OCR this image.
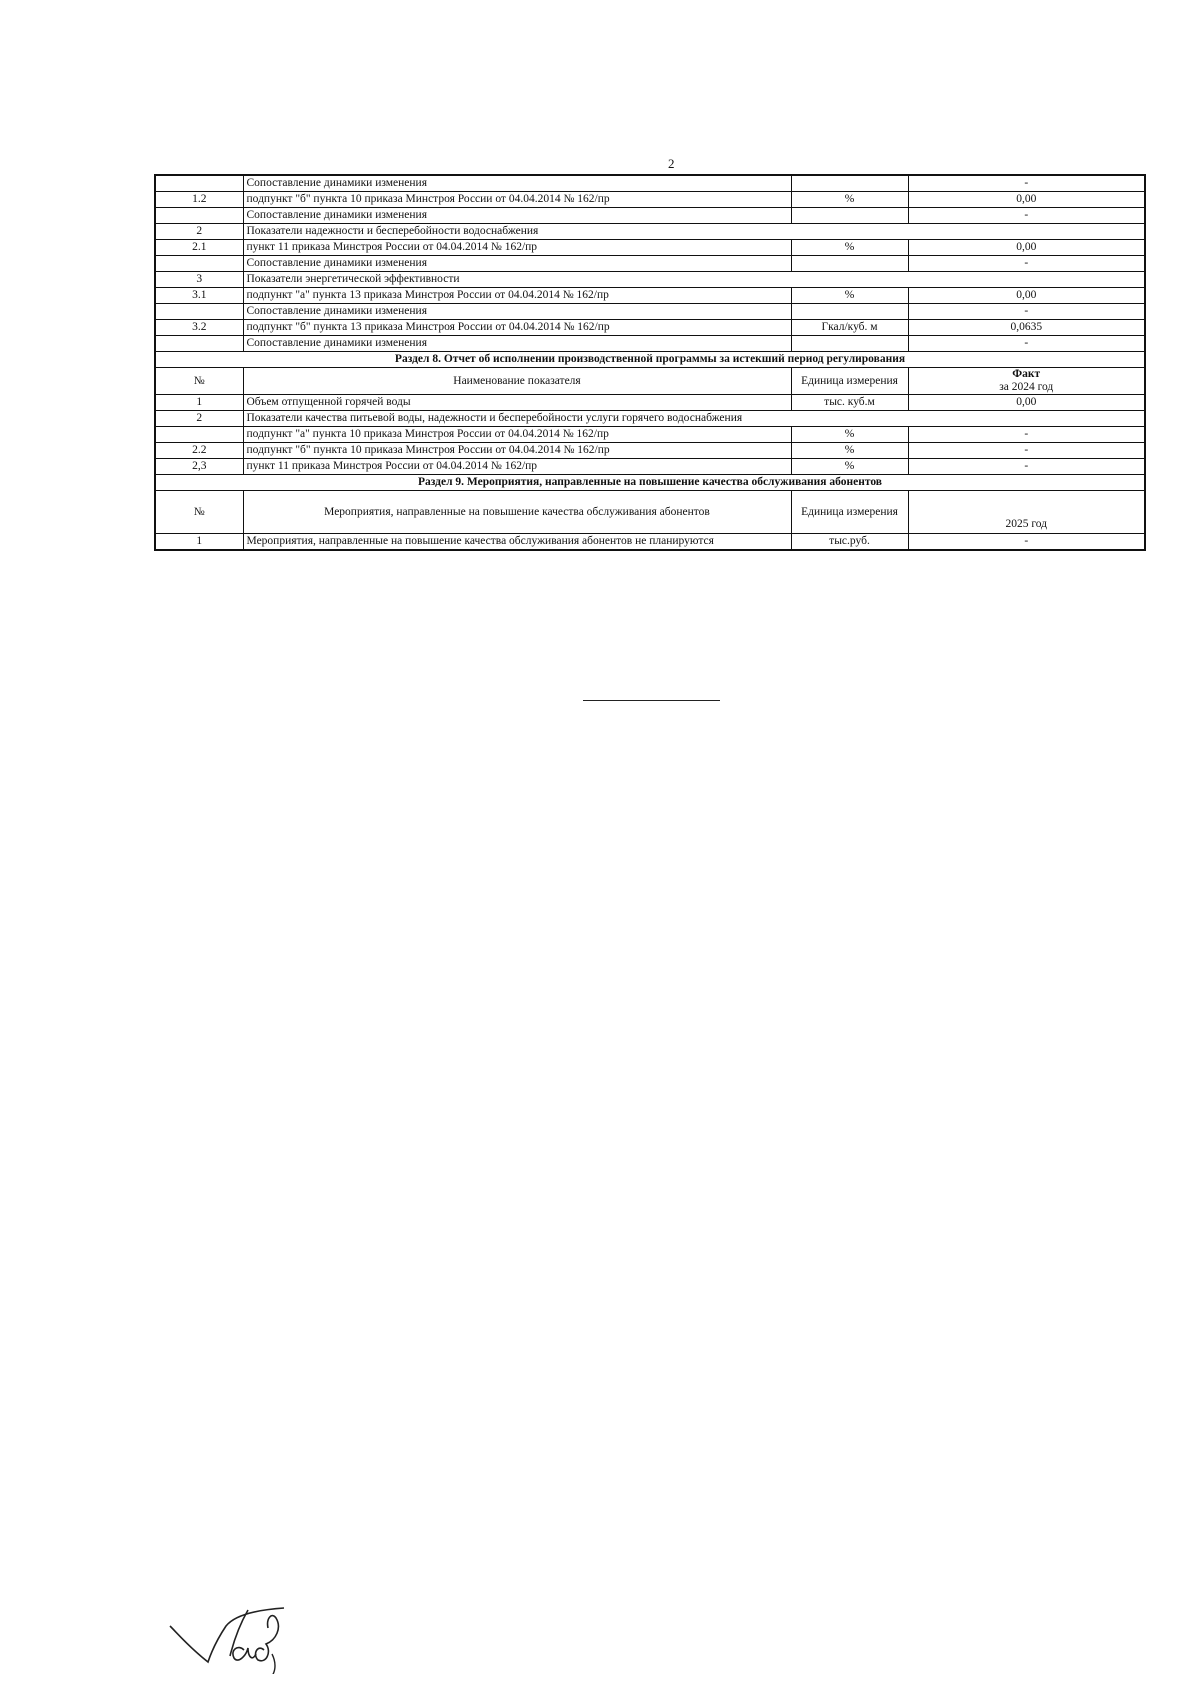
2
	Сопоставление динамики изменения		-
1.2	подпункт "б" пункта 10 приказа Минстроя России от 04.04.2014 № 162/пр	%	0,00
	Сопоставление динамики изменения		-
2	Показатели надежности и бесперебойности водоснабжения		
2.1	пункт 11 приказа Минстроя России от 04.04.2014 № 162/пр	%	0,00
	Сопоставление динамики изменения		-
3	Показатели энергетической эффективности		
3.1	подпункт "а" пункта 13 приказа Минстроя России от 04.04.2014 № 162/пр	%	0,00
	Сопоставление динамики изменения		-
3.2	подпункт "б" пункта 13 приказа Минстроя России от 04.04.2014 № 162/пр	Гкал/куб. м	0,0635
	Сопоставление динамики изменения		-
Раздел 8. Отчет об исполнении производственной программы за истекший период регулирования			
№	Наименование показателя	Единица измерения	Факт
за 2024 год
1	Объем отпущенной горячей воды	тыс. куб.м	0,00
2	Показатели качества питьевой воды, надежности и бесперебойности услуги горячего водоснабжения		
	подпункт "а" пункта 10 приказа Минстроя России от 04.04.2014 № 162/пр	%	-
2.2	подпункт "б" пункта 10 приказа Минстроя России от 04.04.2014 № 162/пр	%	-
2,3	пункт 11 приказа Минстроя России от 04.04.2014 № 162/пр	%	-
Раздел 9. Мероприятия, направленные на повышение качества обслуживания абонентов			
№	Мероприятия, направленные на повышение качества обслуживания абонентов	Единица измерения	2025 год
1	Мероприятия, направленные на повышение качества обслуживания абонентов не планируются	тыс.руб.	-
